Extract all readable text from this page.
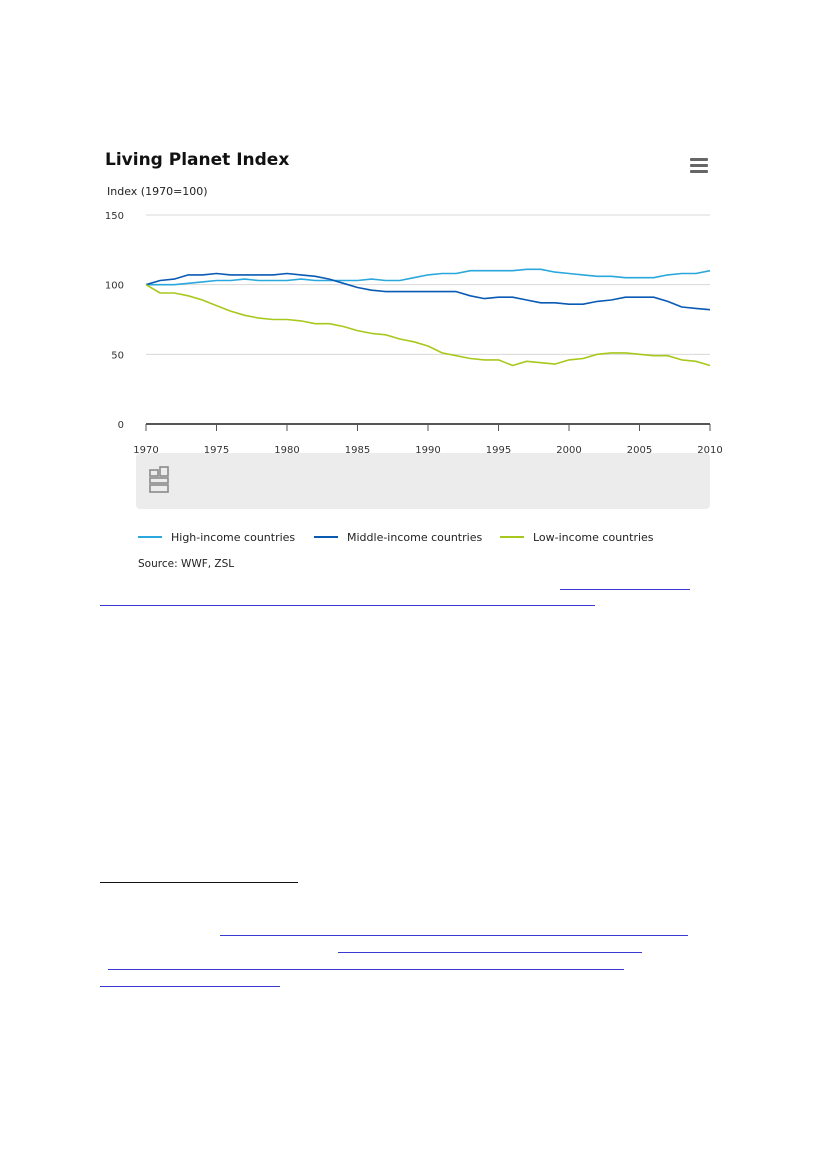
Living Planet Index
Index (1970=100)
0
50
100
150
1970	1975	1980	1985	1990	1995	2000	2005	2010
High-income countries	Middle-income countries	Low-income countries
Source: WWF, ZSL
